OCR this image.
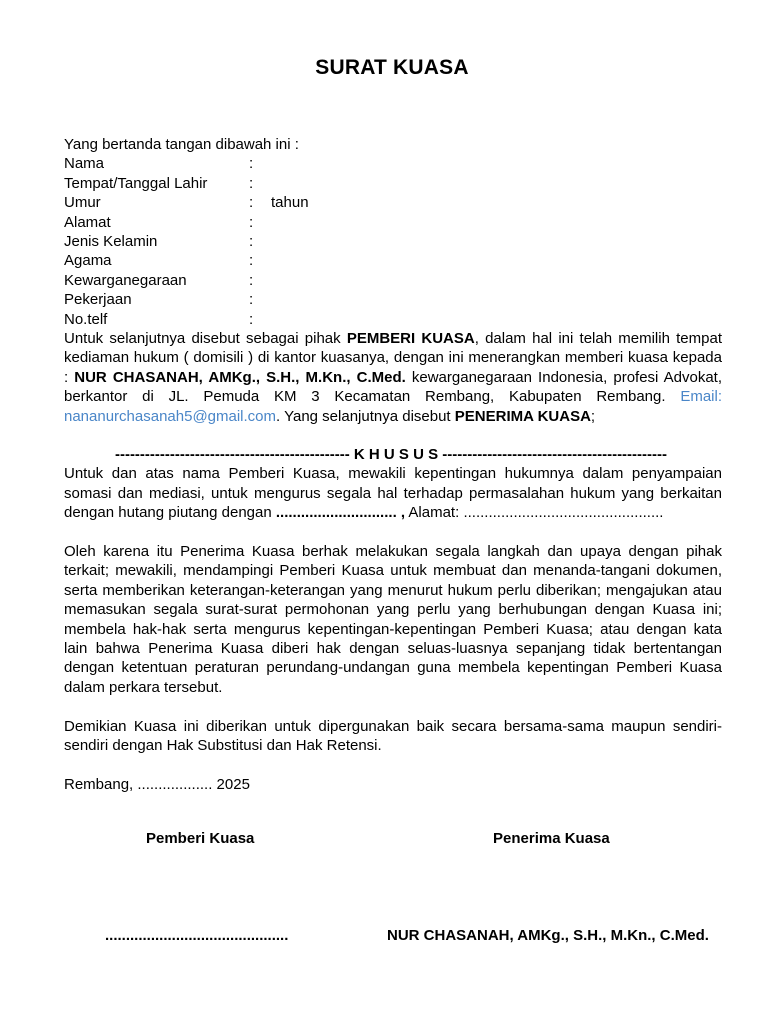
SURAT KUASA
Yang bertanda tangan dibawah ini :
Nama	:
Tempat/Tanggal Lahir	:
Umur	: tahun
Alamat	:
Jenis Kelamin	:
Agama	:
Kewarganegaraan	:
Pekerjaan	:
No.telf	:
Untuk selanjutnya disebut sebagai pihak PEMBERI KUASA, dalam hal ini telah memilih tempat kediaman hukum ( domisili ) di kantor kuasanya, dengan ini menerangkan memberi kuasa kepada : NUR CHASANAH, AMKg., S.H., M.Kn., C.Med. kewarganegaraan Indonesia, profesi Advokat, berkantor di JL. Pemuda KM 3 Kecamatan Rembang, Kabupaten Rembang. Email: nananurchasanah5@gmail.com. Yang selanjutnya disebut PENERIMA KUASA;
----------------------------------------------- K H U S U S ---------------------------------------------
Untuk dan atas nama Pemberi Kuasa, mewakili kepentingan hukumnya dalam penyampaian somasi dan mediasi, untuk mengurus segala hal terhadap permasalahan hukum yang berkaitan dengan hutang piutang dengan ............................. , Alamat: ................................................
Oleh karena itu Penerima Kuasa berhak melakukan segala langkah dan upaya dengan pihak terkait; mewakili, mendampingi Pemberi Kuasa untuk membuat dan menanda-tangani dokumen, serta memberikan keterangan-keterangan yang menurut hukum perlu diberikan; mengajukan atau memasukan segala surat-surat permohonan yang perlu yang berhubungan dengan Kuasa ini; membela hak-hak serta mengurus kepentingan-kepentingan Pemberi Kuasa; atau dengan kata lain bahwa Penerima Kuasa diberi hak dengan seluas-luasnya sepanjang tidak bertentangan dengan ketentuan peraturan perundang-undangan guna membela kepentingan Pemberi Kuasa dalam perkara tersebut.
Demikian Kuasa ini diberikan untuk dipergunakan baik secara bersama-sama maupun sendiri-sendiri dengan Hak Substitusi dan Hak Retensi.
Rembang, .................. 2025
Pemberi Kuasa	Penerima Kuasa
............................................	NUR CHASANAH, AMKg., S.H., M.Kn., C.Med.
